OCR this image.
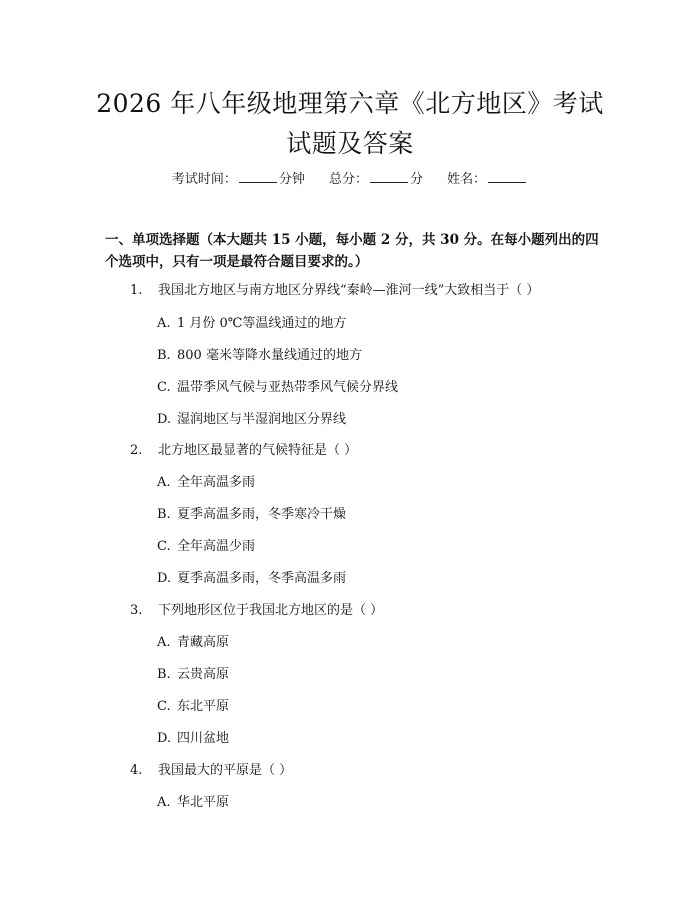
2026 年八年级地理第六章《北方地区》考试
试题及答案
考试时间：	分钟 总分：	分 姓名：
一、单项选择题（本大题共 15 小题，每小题 2 分，共 30 分。在每小题列出的四
个选项中，只有一项是最符合题目要求的。）
1. 我国北方地区与南方地区分界线“秦岭—淮河一线”大致相当于（ ）
A. 1 月份 0℃等温线通过的地方
B. 800 毫米等降水量线通过的地方
C. 温带季风气候与亚热带季风气候分界线
D. 湿润地区与半湿润地区分界线
2. 北方地区最显著的气候特征是（ ）
A. 全年高温多雨
B. 夏季高温多雨，冬季寒冷干燥
C. 全年高温少雨
D. 夏季高温多雨，冬季高温多雨
3. 下列地形区位于我国北方地区的是（ ）
A. 青藏高原
B. 云贵高原
C. 东北平原
D. 四川盆地
4. 我国最大的平原是（ ）
A. 华北平原
